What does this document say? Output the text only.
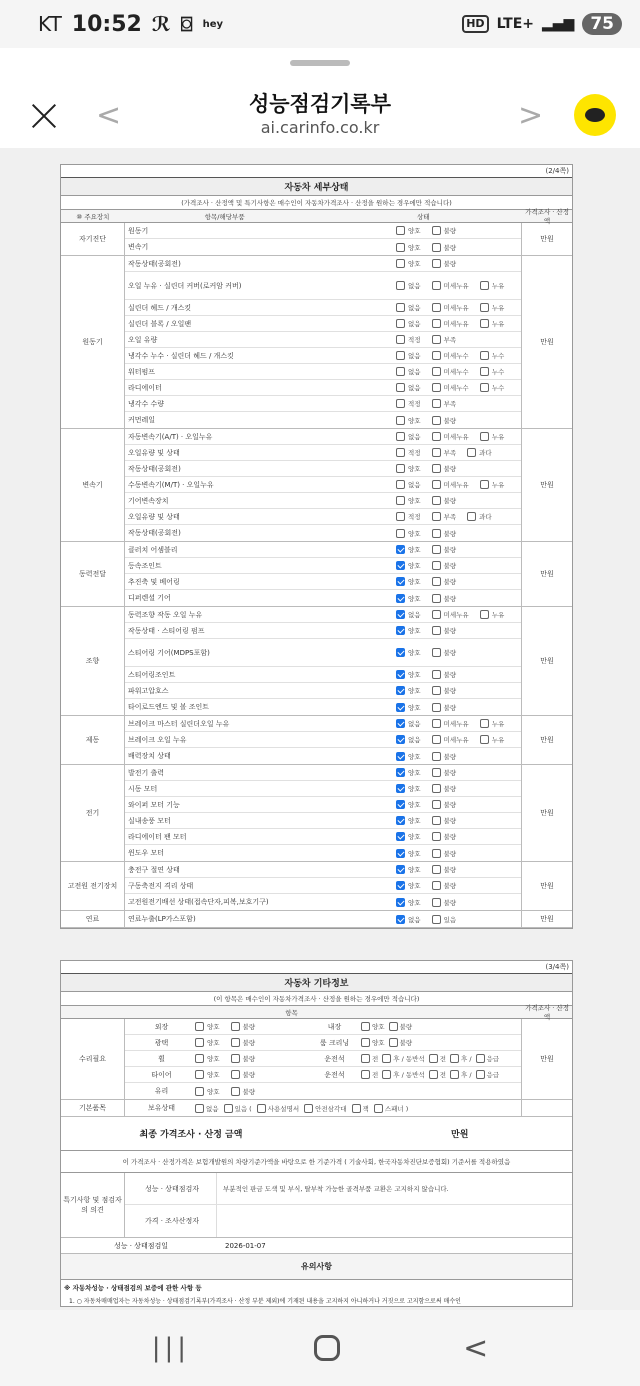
KT 10:52 ℛ ⌼ hey	HD LTE+ ▂▄▆ 75
<	성능점검기록부
ai.carinfo.co.kr	>
(2/4쪽)
자동차 세부상태
(가격조사 · 산정액 및 특기사항은 매수인이 자동차가격조사 · 산정을 원하는 경우에만 적습니다)
⑩ 주요장치	항목/해당부품	상태
가격조사 · 산정액
자기진단
원동기	양호	불량
변속기	양호	불량
만원
원동기
작동상태(공회전)	양호	불량
오일 누유 · 실린더 커버(로커암 커버)	없음	미세누유	누유
실린더 헤드 / 개스킷	없음	미세누유	누유
실린더 블록 / 오일팬	없음	미세누유	누유
오일 유량	적정	부족
냉각수 누수 · 실린더 헤드 / 개스킷	없음	미세누수	누수
워터펌프	없음	미세누수	누수
라디에이터	없음	미세누수	누수
냉각수 수량	적정	부족
커먼레일	양호	불량
만원
변속기
자동변속기(A/T) · 오일누유	없음	미세누유	누유
오일유량 및 상태	적정	부족	과다
작동상태(공회전)	양호	불량
수동변속기(M/T) · 오일누유	없음	미세누유	누유
기어변속장치	양호	불량
오일유량 및 상태	적정	부족	과다
작동상태(공회전)	양호	불량
만원
동력전달
클러치 어셈블리	양호	불량
등속조인트	양호	불량
추진축 및 베어링	양호	불량
디퍼렌셜 기어	양호	불량
만원
조향
동력조향 작동 오일 누유	없음	미세누유	누유
작동상태 · 스티어링 펌프	양호	불량
스티어링 기어(MDPS포함)	양호	불량
스티어링조인트	양호	불량
파워고압호스	양호	불량
타이로드엔드 및 볼 조인트	양호	불량
만원
제동
브레이크 마스터 실린더오일 누유	없음	미세누유	누유
브레이크 오일 누유	없음	미세누유	누유
배력장치 상태	양호	불량
만원
전기
발전기 출력	양호	불량
시동 모터	양호	불량
와이퍼 모터 기능	양호	불량
실내송풍 모터	양호	불량
라디에이터 팬 모터	양호	불량
윈도우 모터	양호	불량
만원
고전원 전기장치
충전구 절연 상태	양호	불량
구동축전지 격리 상태	양호	불량
고전원전기배선 상태(접속단자,피복,보호기구)	양호	불량
만원
연료	연료누출(LP가스포함)	없음	있음	만원
(3/4쪽)
자동차 기타정보
(이 항목은 매수인이 자동차가격조사 · 산정을 원하는 경우에만 적습니다)
항목
가격조사 · 산정액
수리필요
외장	양호	불량	내장	양호 불량
광택	양호	불량	룸 크리닝	양호 불량
휠	양호	불량	운전석	전 후 / 동반석 전 후 / 응급
타이어	양호	불량	운전석	전 후 / 동반석 전 후 / 응급
유리	양호	불량
만원
기본품목	보유상태	없음 있음 ( 사용설명서 안전삼각대 잭 스패너 )
최종 가격조사 · 산정 금액	만원
이 가격조사 · 산정가격은 보험개발원의 차량기준가액을 바탕으로 한 기준가격 ( 기술사회, 한국자동차진단보증협회) 기준서를 적용하였음
특기사항 및 점검자의 의견
성능 · 상태점검자	부분적인 판금 도색 및 부식, 탈부착 가능한 골격부품 교환은 고지하지 않습니다.
가격 · 조사산정자
성능 · 상태점검일	2026-01-07
유의사항
※ 자동차성능 · 상태점검의 보증에 관한 사항 등
1. ○ 자동차매매업자는 자동차성능 · 상태점검기록부(가격조사 · 산정 부분 제외)에 기재된 내용을 고지하지 아니하거나 거짓으로 고지함으로써 매수인
|||	<
